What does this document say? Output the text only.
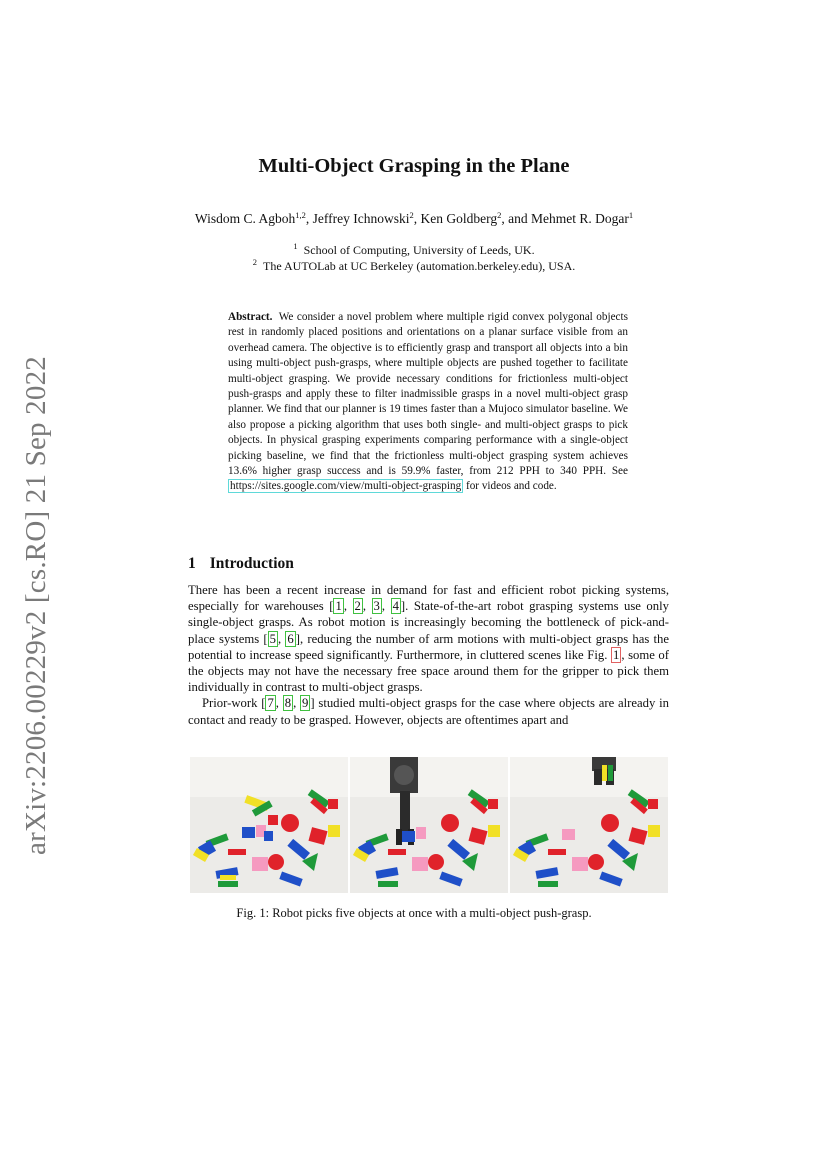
arXiv:2206.00229v2 [cs.RO] 21 Sep 2022
Multi-Object Grasping in the Plane
Wisdom C. Agboh$^{1,2}$, Jeffrey Ichnowski$^2$, Ken Goldberg$^2$, and Mehmet R. Dogar$^1$
$^1$ School of Computing, University of Leeds, UK.
$^2$ The AUTOLab at UC Berkeley (automation.berkeley.edu), USA.
Abstract. We consider a novel problem where multiple rigid convex polygonal objects rest in randomly placed positions and orientations on a planar surface visible from an overhead camera. The objective is to efficiently grasp and transport all objects into a bin using multi-object push-grasps, where multiple objects are pushed together to facilitate multi-object grasping. We provide necessary conditions for frictionless multi-object push-grasps and apply these to filter inadmissible grasps in a novel multi-object grasp planner. We find that our planner is 19 times faster than a Mujoco simulator baseline. We also propose a picking algorithm that uses both single- and multi-object grasps to pick objects. In physical grasping experiments comparing performance with a single-object picking baseline, we find that the frictionless multi-object grasping system achieves 13.6% higher grasp success and is 59.9% faster, from 212 PPH to 340 PPH. See https://sites.google.com/view/multi-object-grasping for videos and code.
1 Introduction

There has been a recent increase in demand for fast and efficient robot picking systems, especially for warehouses [ 1 , 2 , 3 , 4 ]. State-of-the-art robot grasping systems use only single-object grasps. As robot motion is increasingly becoming the bottleneck of pick-and-place systems [ 5 , 6 ], reducing the number of arm motions with multi-object grasps has the potential to increase speed significantly. Furthermore, in cluttered scenes like Fig. 1 , some of the objects may not have the necessary free space around them for the gripper to pick them individually in contrast to multi-object grasps.

Prior-work [ 7 , 8 , 9 ] studied multi-object grasps for the case where objects are already in contact and ready to be grasped. However, objects are oftentimes apart and

Fig. 1: Robot picks five objects at once with a multi-object push-grasp.
